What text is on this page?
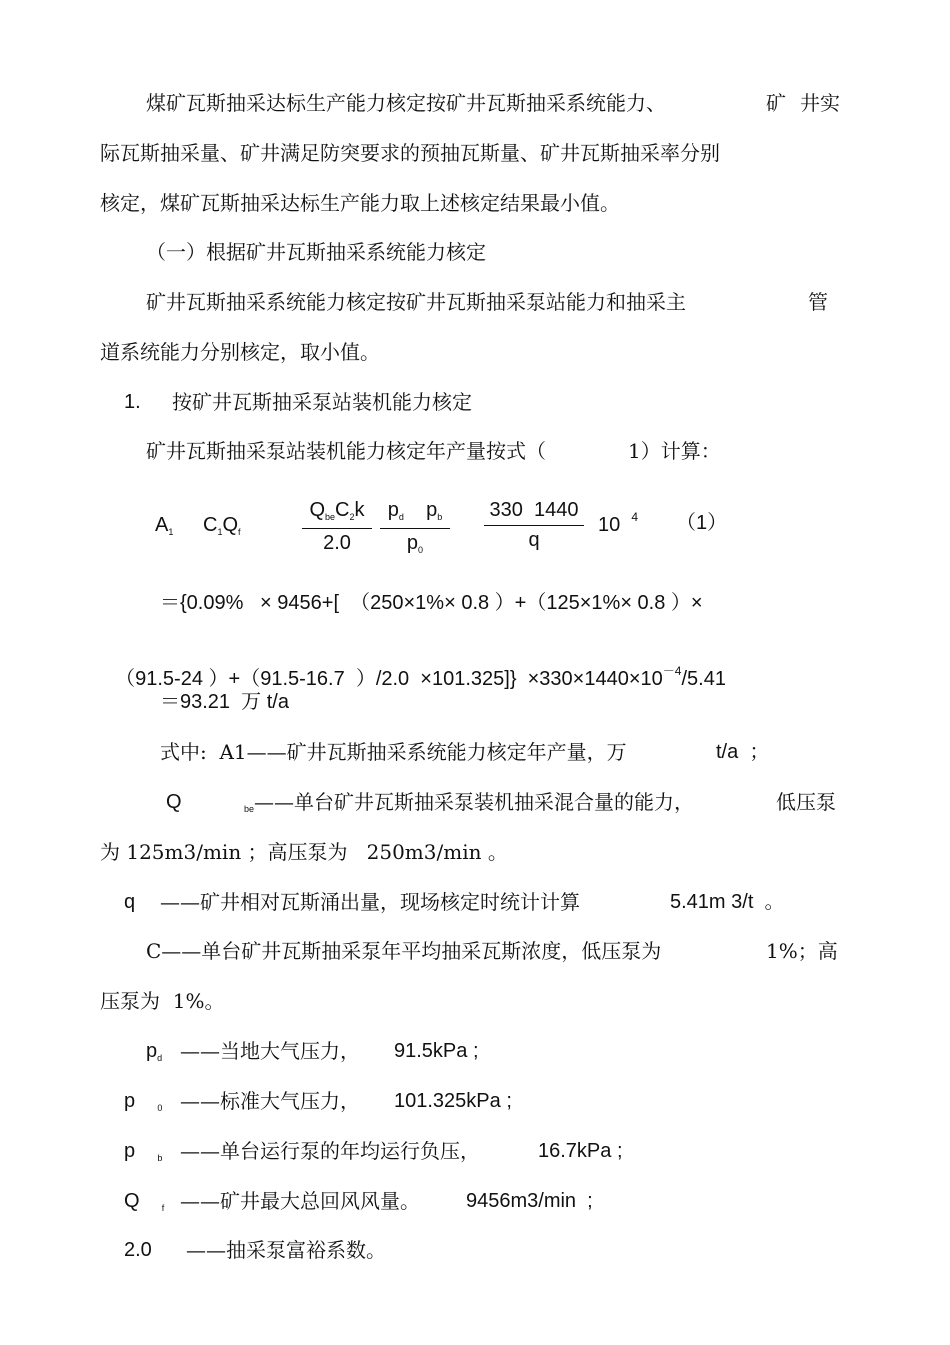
煤矿瓦斯抽采达标生产能力核定按矿井瓦斯抽采系统能力、	矿 井实
际瓦斯抽采量、矿井满足防突要求的预抽瓦斯量、矿井瓦斯抽采率分别
核定，煤矿瓦斯抽采达标生产能力取上述核定结果最小值。
（一）根据矿井瓦斯抽采系统能力核定
矿井瓦斯抽采系统能力核定按矿井瓦斯抽采泵站能力和抽采主	管
道系统能力分别核定，取小值。
1. 按矿井瓦斯抽采泵站装机能力核定
矿井瓦斯抽采泵站装机能力核定年产量按式（	1）计算：
$A_1$ $C_1Q_f$
$Q_{be}C_2k$
2.0	$\frac{p_d p_b}{p_0} \frac{330 1440}{q} 10$ $^4$ （1）
＝{0.09%   × 9456+[  （250×1%× 0.8 ）+（125×1%× 0.8 ）×

（91.5-24 ）+（91.5-16.7  ）$/2.0 \times 101.325]\} \times 330\times 1440\times 10^{-4}/5.41$

＝93.21  万 t/a
式中:  A1——矿井瓦斯抽采系统能力核定年产量，万	t/a  ；
Q	be——单台矿井瓦斯抽采泵装机抽采混合量的能力，	低压泵
为 125m3/min ；高压泵为   250m3/min 。
q ——矿井相对瓦斯涌出量，现场核定时统计计算	5.41m 3/t  。
C——单台矿井瓦斯抽采泵年平均抽采瓦斯浓度，低压泵为	1%；高
压泵为  1%。
$p_d$ ——当地大气压力， 91.5kPa ;
p $_0$ ——标准大气压力， 101.325kPa ;
p $_b$ ——单台运行泵的年均运行负压，	16.7kPa ;
Q $_f$ ——矿井最大总回风风量。 9456m3/min  ;
2.0 ——抽采泵富裕系数。
